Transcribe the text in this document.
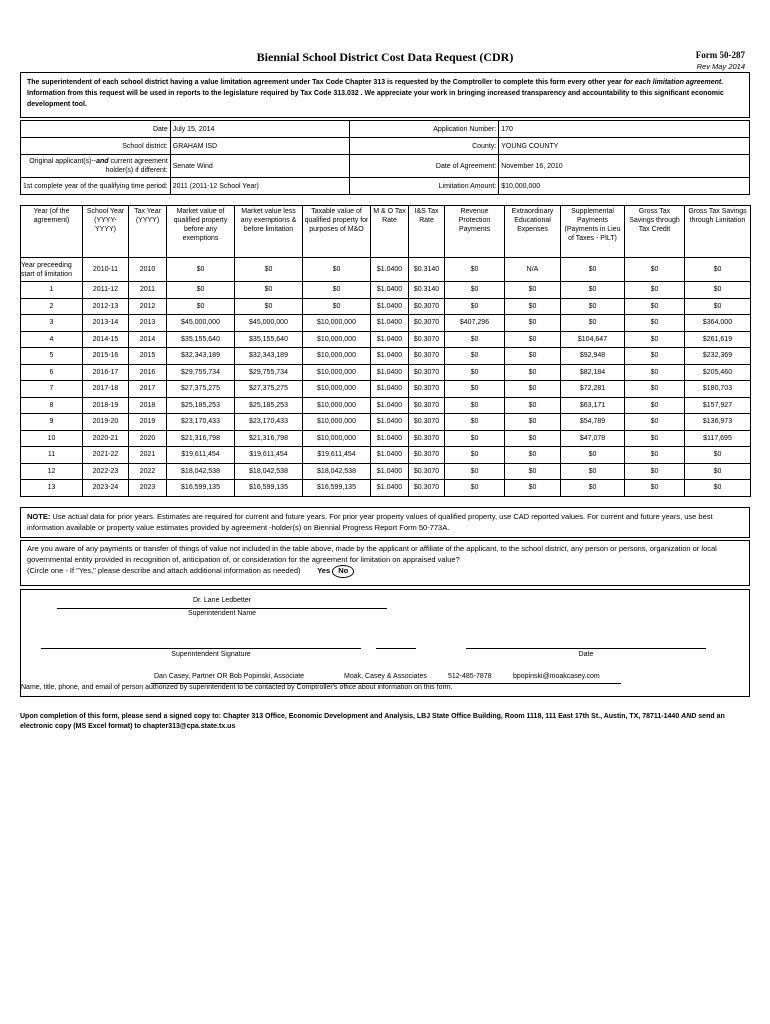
Biennial School District Cost Data Request (CDR)	Form 50-287
Rev May 2014
The superintendent of each school district having a value limitation agreement under Tax Code Chapter 313 is requested by the Comptroller to complete this form every other year for each limitation agreement. Information from this request will be used in reports to the legislature required by Tax Code 313.032 . We appreciate your work in bringing increased transparency and accountability to this significant economic development tool.
Date	July 15, 2014	Application Number:	170
School district:	GRAHAM ISD	County:	YOUNG COUNTY
Original applicant(s)--and current agreement holder(s) if different:	Senate Wind	Date of Agreement:	November 16, 2010
1st complete year of the qualifying time period:	2011 (2011-12 School Year)	Limitation Amount:	$10,000,000
Year (of the agreement)	School Year (YYYY-YYYY)	Tax Year (YYYY)	Market value of qualified property before any exemptions	Market value less any exemptions & before limitation	Taxable value of qualified property for purposes of M&O	M & O Tax Rate	I&S Tax Rate	Revenue Protection Payments	Extraordinary Educational Expenses	Supplemental Payments (Payments in Lieu of Taxes - PILT)	Gross Tax Savings through Tax Credit	Gross Tax Savings through Limitation
Year preceeding start of limitation	2010-11	2010	$0	$0	$0	$1.0400	$0.3140	$0	N/A	$0	$0	$0
1	2011-12	2011	$0	$0	$0	$1.0400	$0.3140	$0	$0	$0	$0	$0
2	2012-13	2012	$0	$0	$0	$1.0400	$0.3070	$0	$0	$0	$0	$0
3	2013-14	2013	$45,000,000	$45,000,000	$10,000,000	$1.0400	$0.3070	$407,296	$0	$0	$0	$364,000
4	2014-15	2014	$35,155,640	$35,155,640	$10,000,000	$1.0400	$0.3070	$0	$0	$104,647	$0	$261,619
5	2015-16	2015	$32,343,189	$32,343,189	$10,000,000	$1.0400	$0.3070	$0	$0	$92,948	$0	$232,369
6	2016-17	2016	$29,755,734	$29,755,734	$10,000,000	$1.0400	$0.3070	$0	$0	$82,184	$0	$205,460
7	2017-18	2017	$27,375,275	$27,375,275	$10,000,000	$1.0400	$0.3070	$0	$0	$72,281	$0	$180,703
8	2018-19	2018	$25,185,253	$25,185,253	$10,000,000	$1.0400	$0.3070	$0	$0	$63,171	$0	$157,927
9	2019-20	2019	$23,170,433	$23,170,433	$10,000,000	$1.0400	$0.3070	$0	$0	$54,789	$0	$136,973
10	2020-21	2020	$21,316,798	$21,316,798	$10,000,000	$1.0400	$0.3070	$0	$0	$47,078	$0	$117,695
11	2021-22	2021	$19,611,454	$19,611,454	$19,611,454	$1.0400	$0.3070	$0	$0	$0	$0	$0
12	2022-23	2022	$18,042,538	$18,042,538	$18,042,538	$1.0400	$0.3070	$0	$0	$0	$0	$0
13	2023-24	2023	$16,599,135	$16,599,135	$16,599,135	$1.0400	$0.3070	$0	$0	$0	$0	$0
NOTE: Use actual data for prior years. Estimates are required for current and future years. For prior year property values of qualified property, use CAD reported values. For current and future years, use best information available or property value estimates provided by agreement -holder(s) on Biennial Progress Report Form 50-773A.
Are you aware of any payments or transfer of things of value not included in the table above, made by the applicant or affiliate of the applicant, to the school district, any person or persons, organization or local governmental entity provided in recognition of, anticipation of, or consideration for the agreement for limitation on appraised value?
(Circle one - If "Yes," please describe and attach additional information as needed) Yes No
Dr. Lane Ledbetter
Superintendent Name
Superintendent Signature	Date
Dan Casey, Partner OR Bob Popinski, Associate	Moak, Casey & Associates	512-485-7878	bpopinski@moakcasey.com
Name, title, phone, and email of person authorized by superintendent to be contacted by Comptroller's office about information on this form.
Upon completion of this form, please send a signed copy to: Chapter 313 Office, Economic Development and Analysis, LBJ State Office Building, Room 1118, 111 East 17th St., Austin, TX, 78711-1440 AND send an electronic copy (MS Excel format) to chapter313@cpa.state.tx.us
